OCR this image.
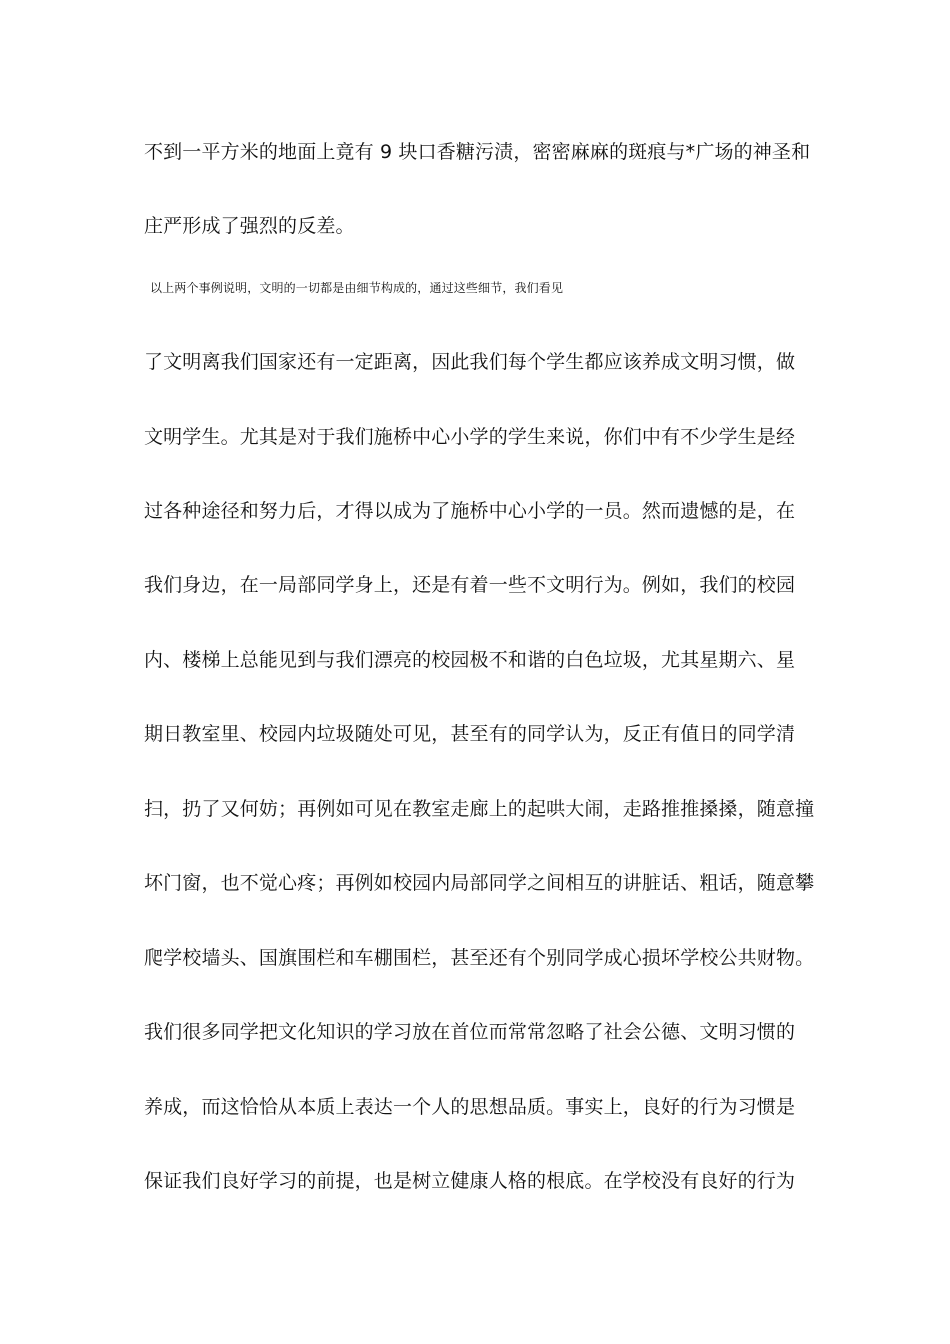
不到一平方米的地面上竟有 9 块口香糖污渍，密密麻麻的斑痕与*广场的神圣和
庄严形成了强烈的反差。
以上两个事例说明，文明的一切都是由细节构成的，通过这些细节，我们看见
了文明离我们国家还有一定距离，因此我们每个学生都应该养成文明习惯，做
文明学生。尤其是对于我们施桥中心小学的学生来说，你们中有不少学生是经
过各种途径和努力后，才得以成为了施桥中心小学的一员。然而遗憾的是，在
我们身边，在一局部同学身上，还是有着一些不文明行为。例如，我们的校园
内、楼梯上总能见到与我们漂亮的校园极不和谐的白色垃圾，尤其星期六、星
期日教室里、校园内垃圾随处可见，甚至有的同学认为，反正有值日的同学清
扫，扔了又何妨；再例如可见在教室走廊上的起哄大闹，走路推推搡搡，随意撞
坏门窗，也不觉心疼；再例如校园内局部同学之间相互的讲脏话、粗话，随意攀
爬学校墙头、国旗围栏和车棚围栏，甚至还有个别同学成心损坏学校公共财物。
我们很多同学把文化知识的学习放在首位而常常忽略了社会公德、文明习惯的
养成，而这恰恰从本质上表达一个人的思想品质。事实上，良好的行为习惯是
保证我们良好学习的前提，也是树立健康人格的根底。在学校没有良好的行为
